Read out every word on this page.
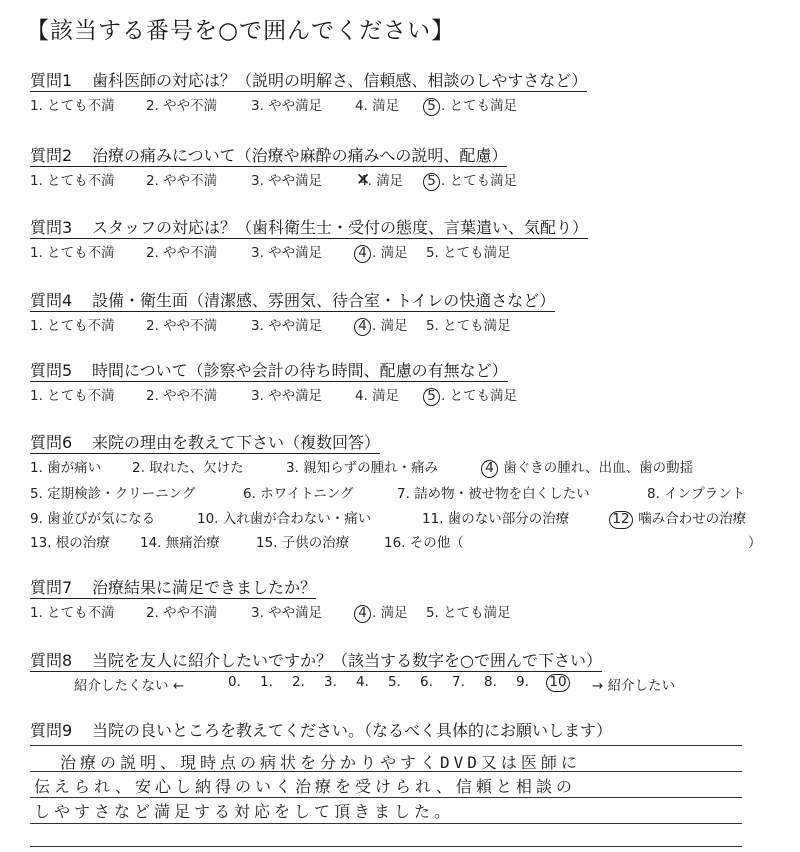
【該当する番号を○で囲んでください】
質問1 歯科医師の対応は？（説明の明解さ、信頼感、相談のしやすさなど）
1. とても不満 2. やや不満	3. やや満足 4. 満足 5 . とても満足
質問2 治療の痛みについて（治療や麻酔の痛みへの説明、配慮）
1. とても不満 2. やや不満	3. やや満足	4 ✕. 満足 5 . とても満足
質問3 スタッフの対応は？（歯科衛生士・受付の態度、言葉遣い、気配り）
1. とても不満 2. やや不満	3. やや満足	4 . 満足 5. とても満足
質問4 設備・衛生面（清潔感、雰囲気、待合室・トイレの快適さなど）
1. とても不満 2. やや不満	3. やや満足	4 . 満足 5. とても満足
質問5 時間について（診察や会計の待ち時間、配慮の有無など）
1. とても不満 2. やや不満	3. やや満足 4. 満足 5 . とても満足
質問6 来院の理由を教えて下さい（複数回答）
1. 歯が痛い 2. 取れた、欠けた	3. 親知らずの腫れ・痛み	4 歯ぐきの腫れ、出血、歯の動揺
5. 定期検診・クリーニング	6. ホワイトニング	7. 詰め物・被せ物を白くしたい	8. インプラント
9. 歯並びが気になる	10. 入れ歯が合わない・痛い	11. 歯のない部分の治療	12 噛み合わせの治療
13. 根の治療 14. 無痛治療	15. 子供の治療	16. その他（	）
質問7 治療結果に満足できましたか？
1. とても不満 2. やや不満	3. やや満足	4 . 満足 5. とても満足
質問8 当院を友人に紹介したいですか？（該当する数字を○で囲んで下さい）
紹介したくない ←	0. 1. 2. 3. 4. 5. 6. 7. 8. 9. 10	→ 紹介したい
質問9 当院の良いところを教えてください。（なるべく具体的にお願いします）
治療の説明、現時点の病状を分かりやすくDVD又は医師に
伝えられ、安心し納得のいく治療を受けられ、信頼と相談の
しやすさなど満足する対応をして頂きました。
